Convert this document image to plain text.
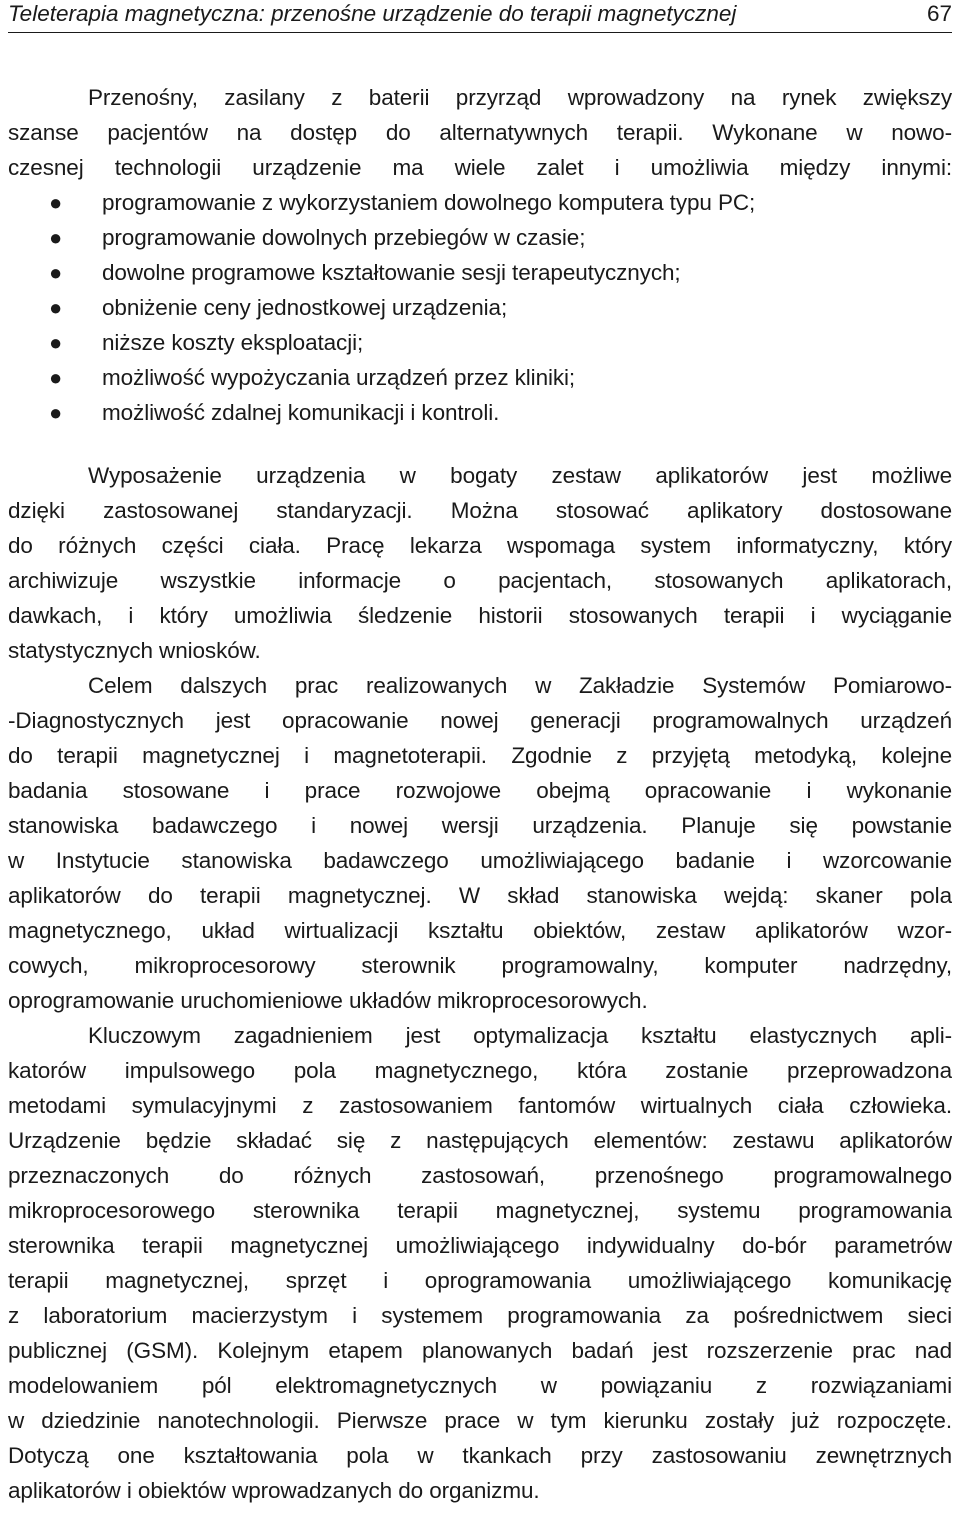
Teleterapia magnetyczna: przenośne urządzenie do terapii magnetycznej	67
Przenośny, zasilany z baterii przyrząd wprowadzony na rynek zwiększy
szanse pacjentów na dostęp do alternatywnych terapii. Wykonane w nowo-
czesnej technologii urządzenie ma wiele zalet i umożliwia między innymi:
● programowanie z wykorzystaniem dowolnego komputera typu PC;
● programowanie dowolnych przebiegów w czasie;
● dowolne programowe kształtowanie sesji terapeutycznych;
● obniżenie ceny jednostkowej urządzenia;
● niższe koszty eksploatacji;
● możliwość wypożyczania urządzeń przez kliniki;
● możliwość zdalnej komunikacji i kontroli.
Wyposażenie urządzenia w bogaty zestaw aplikatorów jest możliwe
dzięki zastosowanej standaryzacji. Można stosować aplikatory dostosowane
do różnych części ciała. Pracę lekarza wspomaga system informatyczny, który
archiwizuje wszystkie informacje o pacjentach, stosowanych aplikatorach,
dawkach, i który umożliwia śledzenie historii stosowanych terapii i wyciąganie
statystycznych wniosków.
Celem dalszych prac realizowanych w Zakładzie Systemów Pomiarowo-
-Diagnostycznych jest opracowanie nowej generacji programowalnych urządzeń
do terapii magnetycznej i magnetoterapii. Zgodnie z przyjętą metodyką, kolejne
badania stosowane i prace rozwojowe obejmą opracowanie i wykonanie
stanowiska badawczego i nowej wersji urządzenia. Planuje się powstanie
w Instytucie stanowiska badawczego umożliwiającego badanie i wzorcowanie
aplikatorów do terapii magnetycznej. W skład stanowiska wejdą: skaner pola
magnetycznego, układ wirtualizacji kształtu obiektów, zestaw aplikatorów wzor-
cowych, mikroprocesorowy sterownik programowalny, komputer nadrzędny,
oprogramowanie uruchomieniowe układów mikroprocesorowych.
Kluczowym zagadnieniem jest optymalizacja kształtu elastycznych apli-
katorów impulsowego pola magnetycznego, która zostanie przeprowadzona
metodami symulacyjnymi z zastosowaniem fantomów wirtualnych ciała człowieka.
Urządzenie będzie składać się z następujących elementów: zestawu aplikatorów
przeznaczonych do różnych zastosowań, przenośnego programowalnego
mikroprocesorowego sterownika terapii magnetycznej, systemu programowania
sterownika terapii magnetycznej umożliwiającego indywidualny do-bór parametrów
terapii magnetycznej, sprzęt i oprogramowania umożliwiającego komunikację
z laboratorium macierzystym i systemem programowania za pośrednictwem sieci
publicznej (GSM). Kolejnym etapem planowanych badań jest rozszerzenie prac nad
modelowaniem pól elektromagnetycznych w powiązaniu z rozwiązaniami
w dziedzinie nanotechnologii. Pierwsze prace w tym kierunku zostały już rozpoczęte.
Dotyczą one kształtowania pola w tkankach przy zastosowaniu zewnętrznych
aplikatorów i obiektów wprowadzanych do organizmu.
